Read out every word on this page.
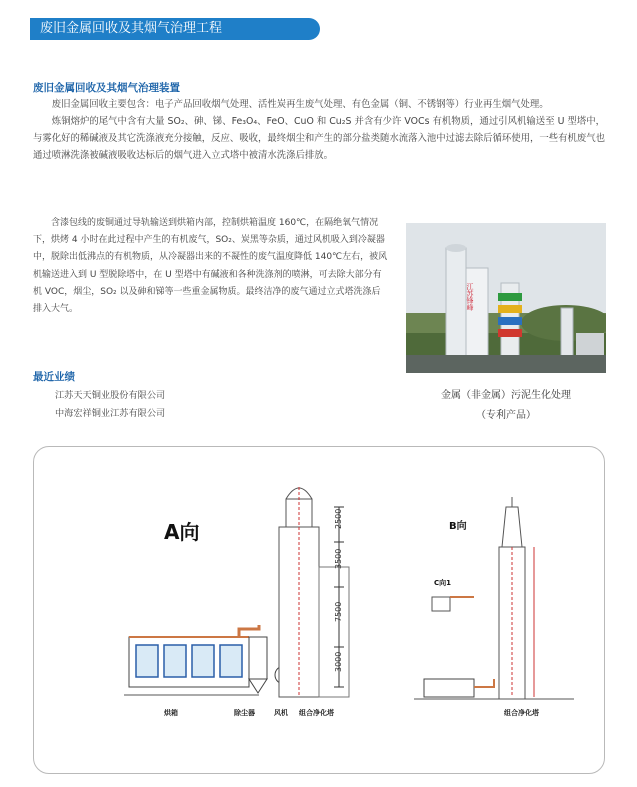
废旧金属回收及其烟气治理工程
废旧金属回收及其烟气治理装置

废旧金属回收主要包含：电子产品回收烟气处理、活性炭再生废气处理、有色金属（铜、不锈钢等）行业再生烟气处理。

炼铜熔炉的尾气中含有大量 SO₂、砷、锑、Fe₃O₄、FeO、CuO 和 Cu₂S 并含有少许 VOCs 有机物质，通过引风机输送至 U 型塔中，与雾化好的稀碱液及其它洗涤液充分接触，反应、吸收，最终烟尘和产生的部分盐类随水流落入池中过滤去除后循环使用，一些有机废气也通过喷淋洗涤被碱液吸收达标后的烟气进入立式塔中被清水洗涤后排放。

含漆包线的废铜通过导轨输送到烘箱内部，控制烘箱温度 160℃，在隔绝氧气情况下，烘烤 4 小时在此过程中产生的有机废气，SO₂、炭黑等杂质，通过风机吸入到冷凝器中，脱除出低沸点的有机物质，从冷凝器出来的不凝性的废气温度降低 140℃左右，被风机输送进入到 U 型脱除塔中，在 U 型塔中有碱液和各种洗涤剂的喷淋，可去除大部分有机 VOC，烟尘，SO₂ 以及砷和锑等一些重金属物质。最终洁净的废气通过立式塔洗涤后排入大气。	江苏锋峰
金属（非金属）污泥生化处理
（专利产品）
最近业绩
江苏天天铜业股份有限公司
中海宏祥铜业江苏有限公司
A向
2500
3500
7500
3000
烘箱	除尘器	风机 组合净化塔
B向
C向1
组合净化塔
